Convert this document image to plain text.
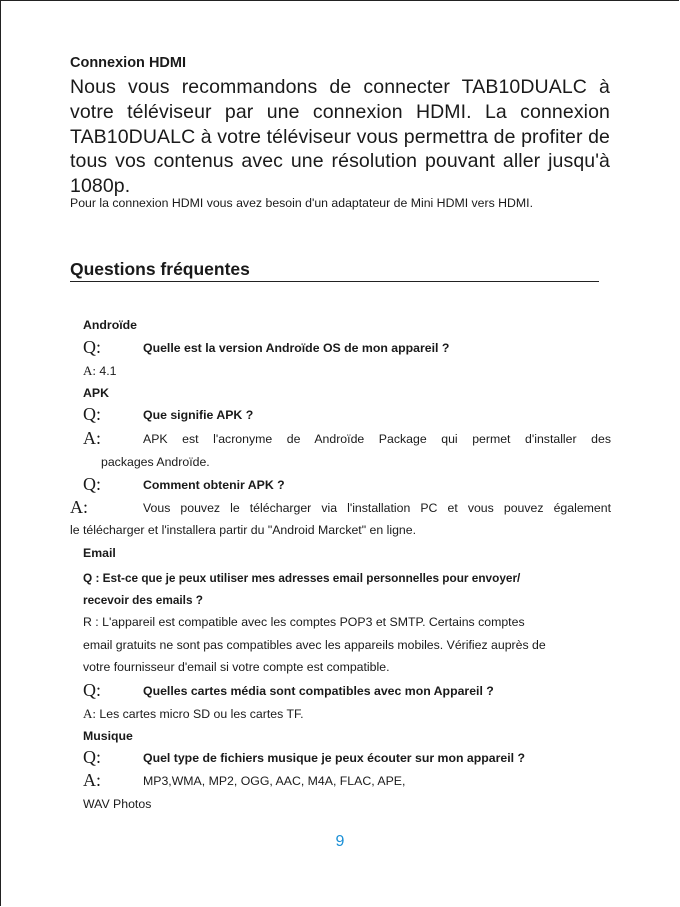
Connexion HDMI

Nous vous recommandons de connecter TAB10DUALC à votre téléviseur par une connexion HDMI. La connexion TAB10DUALC à votre téléviseur vous permettra de profiter de tous vos contenus avec une résolution pouvant aller jusqu'à 1080p.

Pour la connexion HDMI vous avez besoin d'un adaptateur de Mini HDMI vers HDMI.

Questions fréquentes
Androïde
Q:	Quelle est la version Androïde OS de mon appareil ?
A: 4.1
APK
Q:	Que signifie APK ?
A:	APK est l'acronyme de Androïde Package qui permet d'installer des
packages Androïde.
Q:	Comment obtenir APK ?
A:	Vous pouvez le télécharger via l'installation PC et vous pouvez également
le télécharger et l'installera partir du "Android Marcket" en ligne.
Email
Q : Est-ce que je peux utiliser mes adresses email personnelles pour envoyer/
recevoir des emails ?
R : L'appareil est compatible avec les comptes POP3 et SMTP. Certains comptes
email gratuits ne sont pas compatibles avec les appareils mobiles. Vérifiez auprès de
votre fournisseur d'email si votre compte est compatible.
Q:	Quelles cartes média sont compatibles avec mon Appareil ?
A: Les cartes micro SD ou les cartes TF.
Musique
Q:	Quel type de fichiers musique je peux écouter sur mon appareil ?
A:	MP3,WMA, MP2, OGG, AAC, M4A, FLAC, APE,
WAV Photos
9
